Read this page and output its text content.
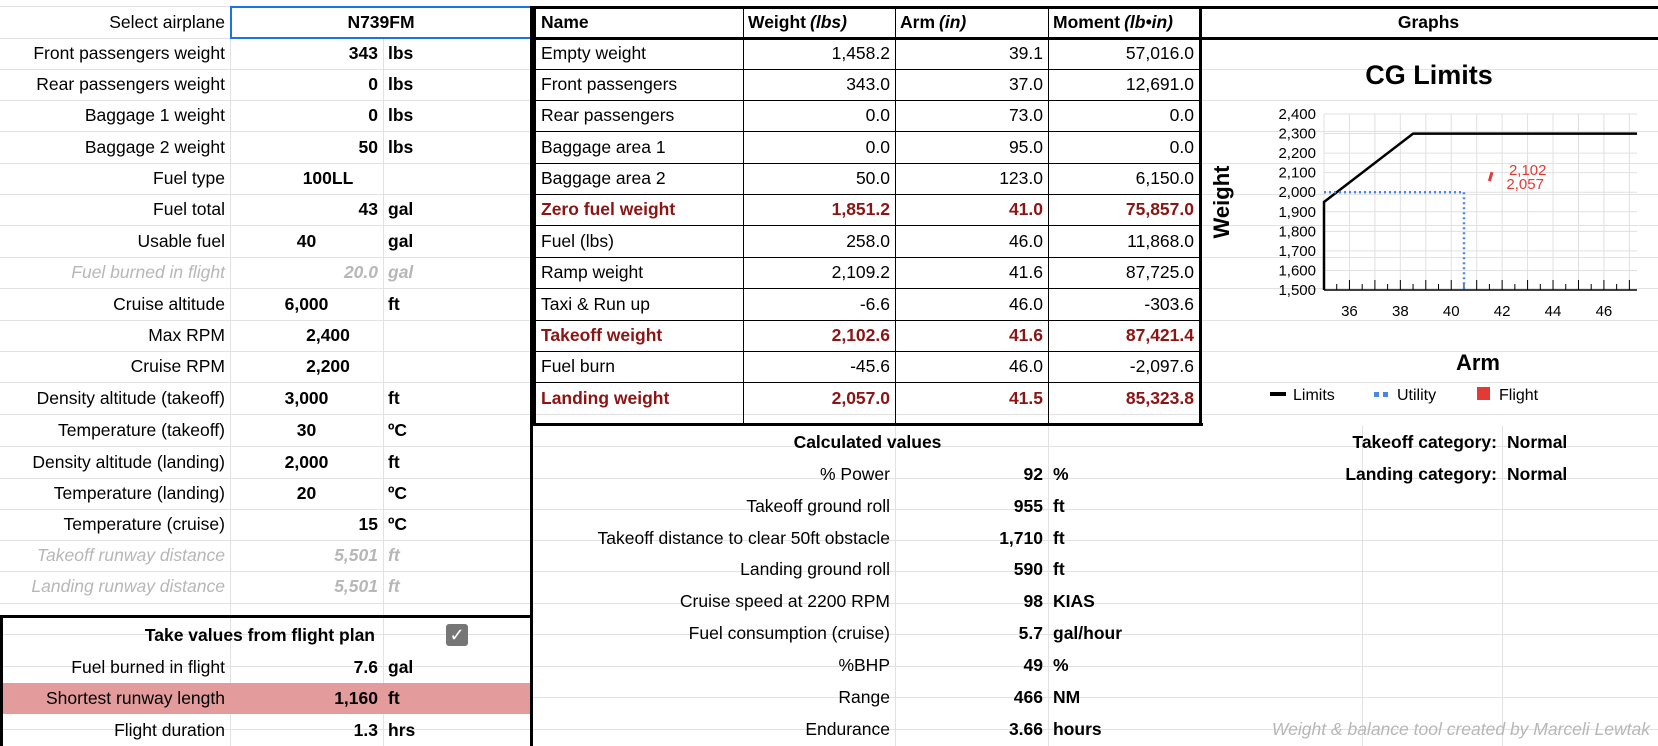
Select airplane	N739FM
Front passengers weight	343 lbs
Rear passengers weight	0 lbs
Baggage 1 weight	0 lbs
Baggage 2 weight	50 lbs
Fuel type	100LL
Fuel total	43 gal
Usable fuel	40	gal
Fuel burned in flight	20.0 gal
Cruise altitude	6,000	ft
Max RPM	2,400
Cruise RPM	2,200
Density altitude (takeoff)	3,000	ft
Temperature (takeoff)	30	ºC
Density altitude (landing)	2,000	ft
Temperature (landing)	20	ºC
Temperature (cruise)	15 ºC
Takeoff runway distance	5,501 ft
Landing runway distance	5,501 ft
Take values from flight plan	✓
Fuel burned in flight	7.6 gal
Shortest runway length	1,160 ft
Flight duration	1.3 hrs
Name	Weight (lbs)	Arm (in)	Moment (lb•in)
Empty weight	1,458.2	39.1	57,016.0
Front passengers	343.0	37.0	12,691.0
Rear passengers	0.0	73.0	0.0
Baggage area 1	0.0	95.0	0.0
Baggage area 2	50.0	123.0	6,150.0
Zero fuel weight	1,851.2	41.0	75,857.0
Fuel (lbs)	258.0	46.0	11,868.0
Ramp weight	2,109.2	41.6	87,725.0
Taxi & Run up	-6.6	46.0	-303.6
Takeoff weight	2,102.6	41.6	87,421.4
Fuel burn	-45.6	46.0	-2,097.6
Landing weight	2,057.0	41.5	85,323.8
Calculated values
% Power	92 %
Takeoff ground roll	955 ft
Takeoff distance to clear 50ft obstacle	1,710 ft
Landing ground roll	590 ft
Cruise speed at 2200 RPM	98 KIAS
Fuel consumption (cruise)	5.7 gal/hour
%BHP	49 %
Range	466 NM
Endurance	3.66 hours
Graphs
Takeoff category: Normal
Landing category: Normal
Weight & balance tool created by Marceli Lewtak
CG Limits
1,500
1,600
1,700
1,800
1,900
2,000
2,100
2,200
2,300
2,400
36 38 40 42 44 46
Weight
Arm
2,102
2,057
Limits	Utility	Flight
